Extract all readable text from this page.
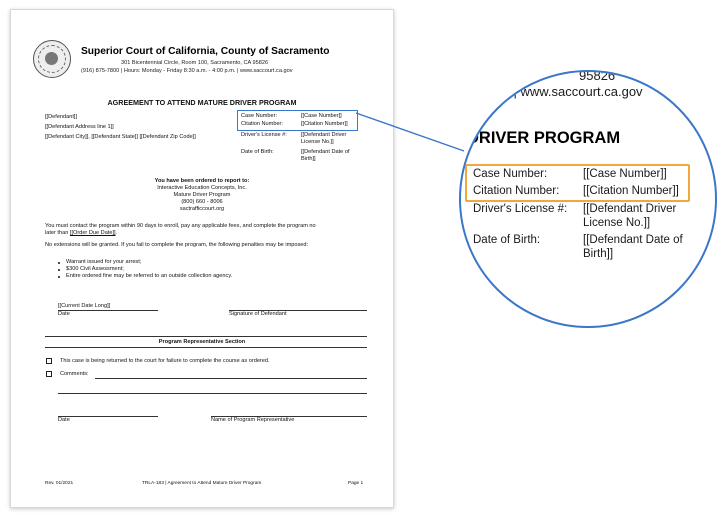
Superior Court of California, County of Sacramento
301 Bicentennial Circle, Room 100, Sacramento, CA 95826
(916) 875-7800 | Hours: Monday - Friday 8:30 a.m. - 4:00 p.m. | www.saccourt.ca.gov
AGREEMENT TO ATTEND MATURE DRIVER PROGRAM
[[Defendant]]
[[Defendant Address line 1]]
[[Defendant City]], [[Defendant State]] [[Defendant Zip Code]]
Case Number:	[[Case Number]]
Citation Number:	[[Citation Number]]
Driver's License #:	[[Defendant Driver
License No.]]
Date of Birth:	[[Defendant Date of
Birth]]
You have been ordered to report to:
Interactive Education Concepts, Inc.
Mature Driver Program
(800) 660 - 8006
sactrafficcourt.org
You must contact the program within 90 days to enroll, pay any applicable fees, and complete the program no
later than [[Order Due Date]].
No extensions will be granted. If you fail to complete the program, the following penalties may be imposed:
Warrant issued for your arrest;
$300 Civil Assessment;
Entire ordered fine may be referred to an outside collection agency.
[[Current Date Long]]
Date	Signature of Defendant
Program Representative Section
This case is being returned to the court for failure to complete the course as ordered.
Comments:
Date	Name of Program Representative
Rev. 01/2021	TRLA-183 | Agreement to Attend Mature Driver Program	Page 1
95826
n. | www.saccourt.ca.gov
DRIVER PROGRAM
Case Number:	[[Case Number]]
Citation Number: [[Citation Number]]
Driver's License #: [[Defendant Driver
License No.]]
Date of Birth:	[[Defendant Date of
Birth]]
